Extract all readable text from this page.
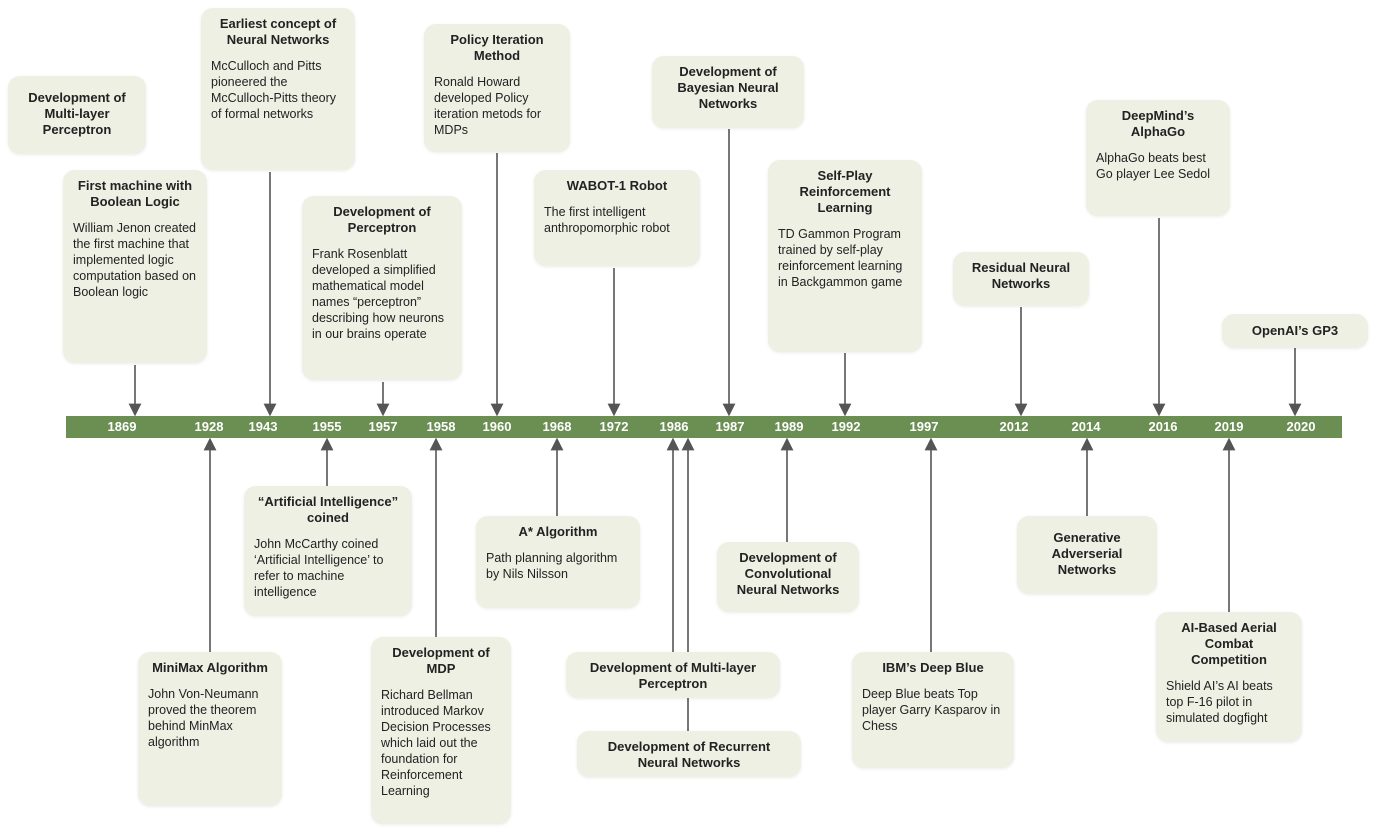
1869	1928	1943	1955	1957	1958	1960	1968	1972	1986	1987	1989	1992	1997	2012	2014	2016	2019	2020
Development of Multi-layer Perceptron
First machine with Boolean Logic
William Jenon created the first machine that implemented logic computation based on Boolean logic
Earliest concept of Neural Networks
McCulloch and Pitts pioneered the McCulloch-Pitts theory of formal networks
Development of Perceptron
Frank Rosenblatt developed a simplified mathematical model names “perceptron” describing how neurons in our brains operate
Policy Iteration Method
Ronald Howard developed Policy iteration metods for MDPs
WABOT-1 Robot
The first intelligent anthropomorphic robot
Development of Bayesian Neural Networks
Self-Play Reinforcement Learning
TD Gammon Program trained by self-play reinforcement learning in Backgammon game
Residual Neural Networks
DeepMind’s AlphaGo
AlphaGo beats best Go player Lee Sedol
OpenAI’s GP3
“Artificial Intelligence” coined
John McCarthy coined ‘Artificial Intelligence’ to refer to machine intelligence
MiniMax Algorithm
John Von-Neumann proved the theorem behind MinMax algorithm
Development of MDP
Richard Bellman introduced Markov Decision Processes which laid out the foundation for Reinforcement Learning
A* Algorithm
Path planning algorithm by Nils Nilsson
Development of Multi-layer Perceptron
Development of Recurrent Neural Networks
Development of Convolutional Neural Networks
IBM’s Deep Blue
Deep Blue beats Top player Garry Kasparov in Chess
Generative Adverserial Networks
AI-Based Aerial Combat Competition
Shield AI’s AI beats top F-16 pilot in simulated dogfight
